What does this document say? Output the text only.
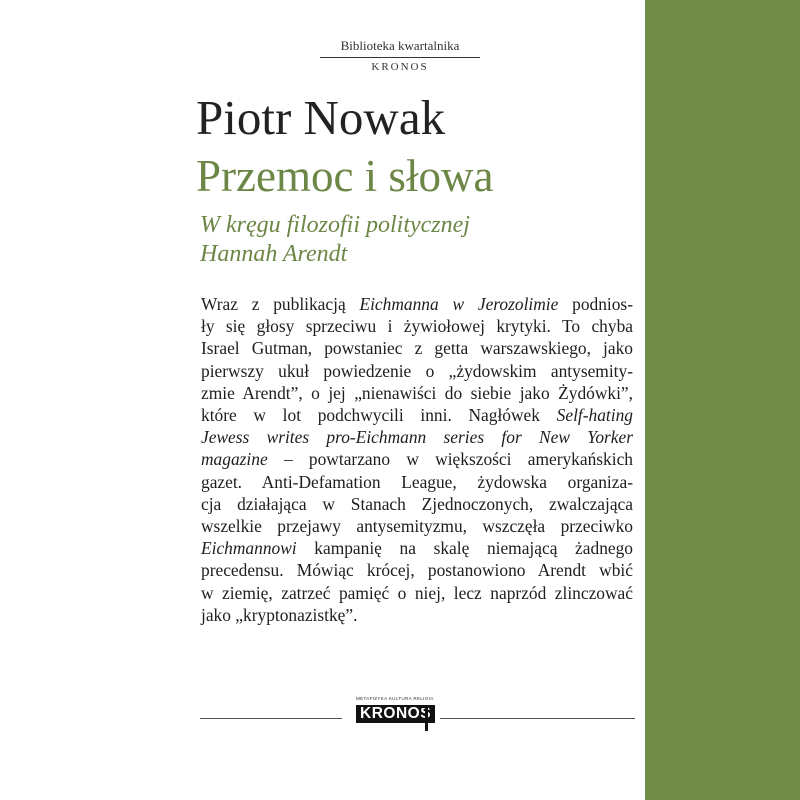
Biblioteka kwartalnika
KRONOS
Piotr Nowak
Przemoc i słowa
W kręgu filozofii politycznej
Hannah Arendt
Wraz z publikacją Eichmanna w Jerozolimie podnios-
ły się głosy sprzeciwu i żywiołowej krytyki. To chyba
Israel Gutman, powstaniec z getta warszawskiego, jako
pierwszy ukuł powiedzenie o „żydowskim antysemity-
zmie Arendt”, o jej „nienawiści do siebie jako Żydówki”,
które w lot podchwycili inni. Nagłówek Self-hating
Jewess writes pro-Eichmann series for New Yorker
magazine – powtarzano w większości amerykańskich
gazet. Anti-Defamation League, żydowska organiza-
cja działająca w Stanach Zjednoczonych, zwalczająca
wszelkie przejawy antysemityzmu, wszczęła przeciwko
Eichmannowi kampanię na skalę niemającą żadnego
precedensu. Mówiąc krócej, postanowiono Arendt wbić
w ziemię, zatrzeć pamięć o niej, lecz naprzód zlinczować
jako „kryptonazistkę”.
METAFIZYKA KULTURA RELIGIA
KRONOS
